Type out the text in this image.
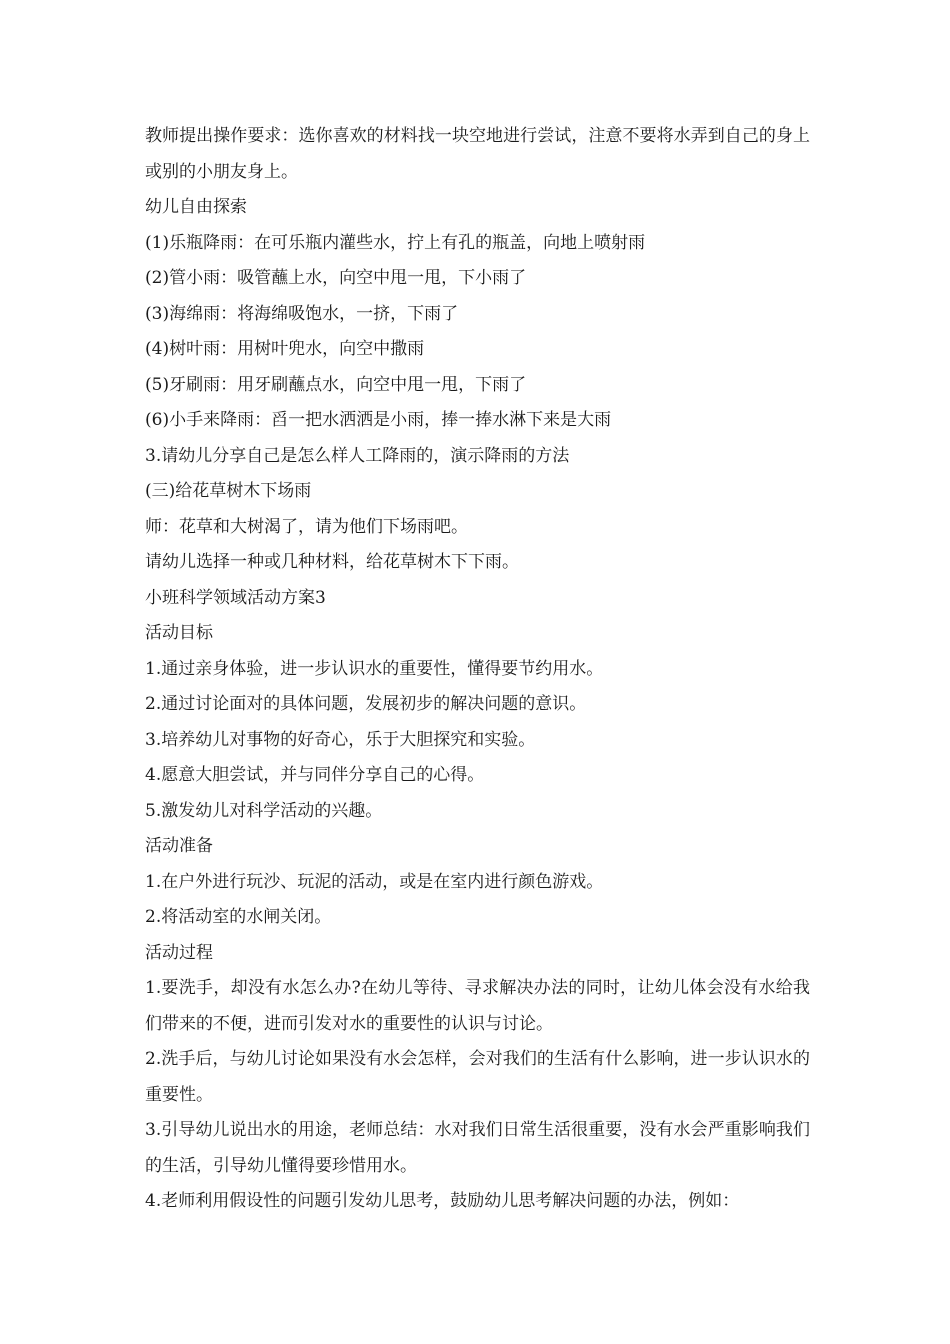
教师提出操作要求：选你喜欢的材料找一块空地进行尝试，注意不要将水弄到自己的身上或别的小朋友身上。

幼儿自由探索

(1)乐瓶降雨：在可乐瓶内灌些水，拧上有孔的瓶盖，向地上喷射雨

(2)管小雨：吸管蘸上水，向空中甩一甩，下小雨了

(3)海绵雨：将海绵吸饱水，一挤，下雨了

(4)树叶雨：用树叶兜水，向空中撒雨

(5)牙刷雨：用牙刷蘸点水，向空中甩一甩，下雨了

(6)小手来降雨：舀一把水洒洒是小雨，捧一捧水淋下来是大雨

3.请幼儿分享自己是怎么样人工降雨的，演示降雨的方法

(三)给花草树木下场雨

师：花草和大树渴了，请为他们下场雨吧。

请幼儿选择一种或几种材料，给花草树木下下雨。

小班科学领域活动方案3

活动目标

1.通过亲身体验，进一步认识水的重要性，懂得要节约用水。

2.通过讨论面对的具体问题，发展初步的解决问题的意识。

3.培养幼儿对事物的好奇心，乐于大胆探究和实验。

4.愿意大胆尝试，并与同伴分享自己的心得。

5.激发幼儿对科学活动的兴趣。

活动准备

1.在户外进行玩沙、玩泥的活动，或是在室内进行颜色游戏。

2.将活动室的水闸关闭。

活动过程

1.要洗手，却没有水怎么办?在幼儿等待、寻求解决办法的同时，让幼儿体会没有水给我们带来的不便，进而引发对水的重要性的认识与讨论。

2.洗手后，与幼儿讨论如果没有水会怎样，会对我们的生活有什么影响，进一步认识水的重要性。

3.引导幼儿说出水的用途，老师总结：水对我们日常生活很重要，没有水会严重影响我们的生活，引导幼儿懂得要珍惜用水。

4.老师利用假设性的问题引发幼儿思考，鼓励幼儿思考解决问题的办法，例如：
